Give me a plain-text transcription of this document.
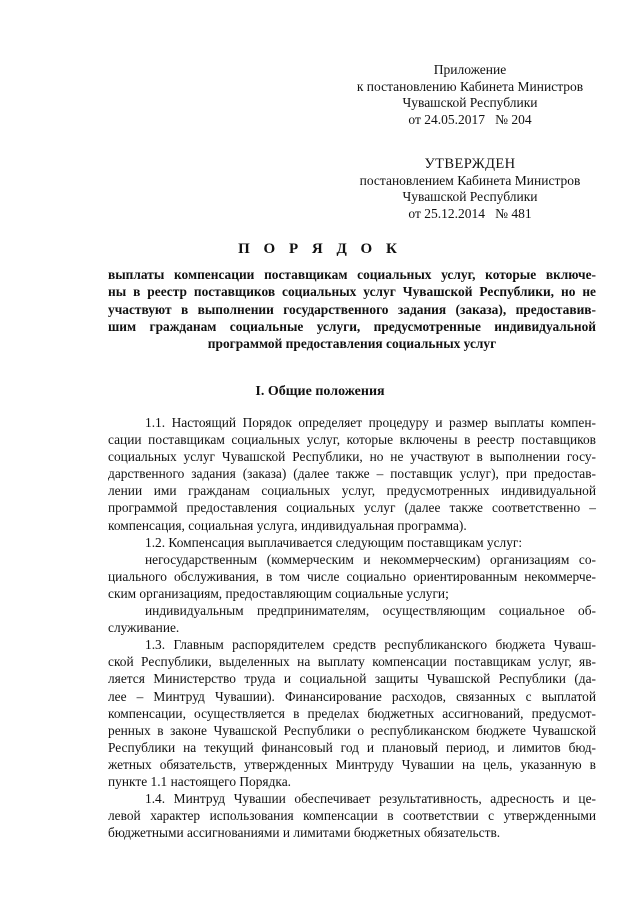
Приложение
к постановлению Кабинета Министров
Чувашской Республики
от 24.05.2017   № 204
УТВЕРЖДЕН
постановлением Кабинета Министров
Чувашской Республики
от 25.12.2014   № 481
П О Р Я Д О К
выплаты компенсации поставщикам социальных услуг, которые включе-
ны в реестр поставщиков социальных услуг Чувашской Республики, но не
участвуют в выполнении государственного задания (заказа), предоставив-
шим гражданам социальные услуги, предусмотренные индивидуальной
программой предоставления социальных услуг
I. Общие положения
1.1. Настоящий Порядок определяет процедуру и размер выплаты компен-
сации поставщикам социальных услуг, которые включены в реестр поставщиков
социальных услуг Чувашской Республики, но не участвуют в выполнении госу-
дарственного задания (заказа) (далее также – поставщик услуг), при предостав-
лении ими гражданам социальных услуг, предусмотренных индивидуальной
программой предоставления социальных услуг (далее также соответственно –
компенсация, социальная услуга, индивидуальная программа).
1.2. Компенсация выплачивается следующим поставщикам услуг:
негосударственным (коммерческим и некоммерческим) организациям со-
циального обслуживания, в том числе социально ориентированным некоммерче-
ским организациям, предоставляющим социальные услуги;
индивидуальным предпринимателям, осуществляющим социальное об-
служивание.
1.3. Главным распорядителем средств республиканского бюджета Чуваш-
ской Республики, выделенных на выплату компенсации поставщикам услуг, яв-
ляется Министерство труда и социальной защиты Чувашской Республики (да-
лее – Минтруд Чувашии). Финансирование расходов, связанных с выплатой
компенсации, осуществляется в пределах бюджетных ассигнований, предусмот-
ренных в законе Чувашской Республики о республиканском бюджете Чувашской
Республики на текущий финансовый год и плановый период, и лимитов бюд-
жетных обязательств, утвержденных Минтруду Чувашии на цель, указанную в
пункте 1.1 настоящего Порядка.
1.4. Минтруд Чувашии обеспечивает результативность, адресность и це-
левой характер использования компенсации в соответствии с утвержденными
бюджетными ассигнованиями и лимитами бюджетных обязательств.
